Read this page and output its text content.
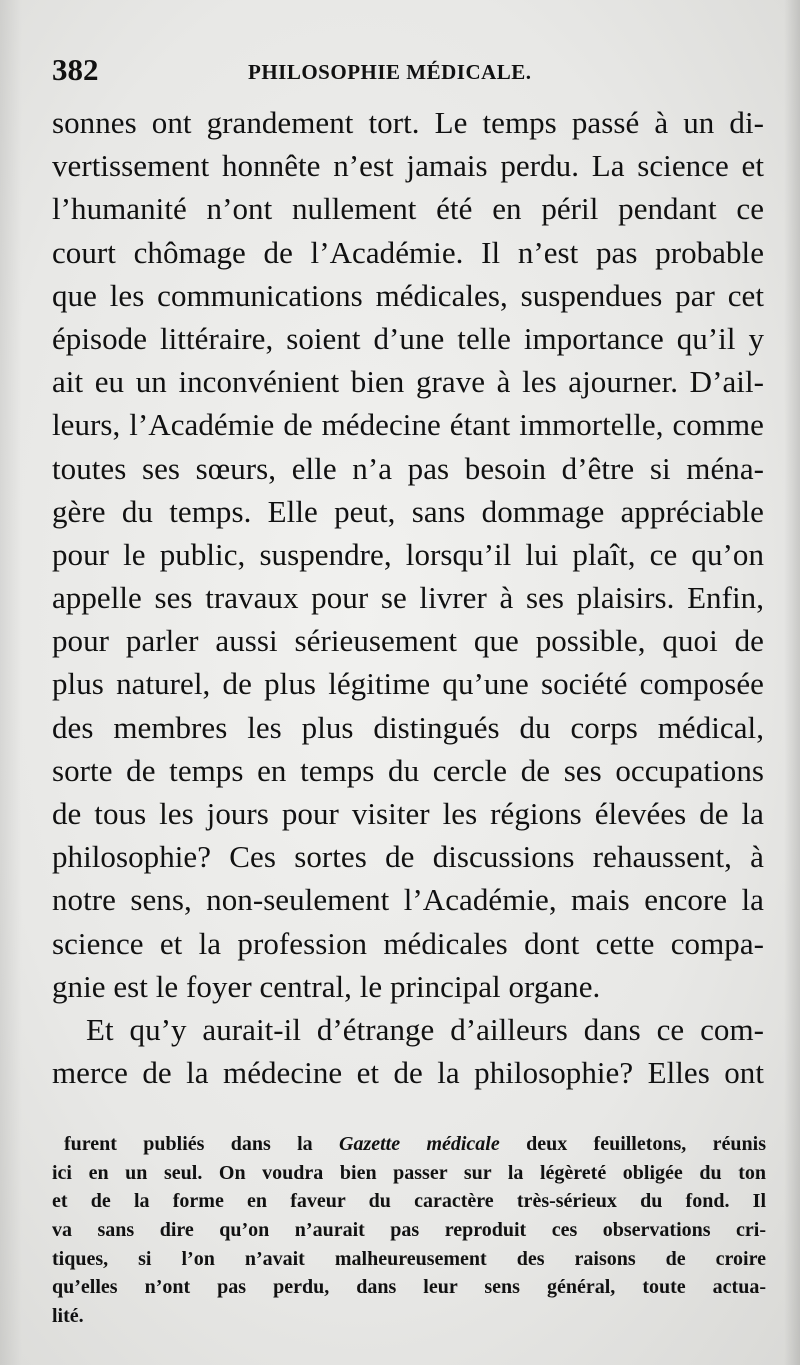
382	PHILOSOPHIE MÉDICALE.
sonnes ont grandement tort. Le temps passé à un di-
vertissement honnête n’est jamais perdu. La science et
l’humanité n’ont nullement été en péril pendant ce
court chômage de l’Académie. Il n’est pas probable
que les communications médicales, suspendues par cet
épisode littéraire, soient d’une telle importance qu’il y
ait eu un inconvénient bien grave à les ajourner. D’ail-
leurs, l’Académie de médecine étant immortelle, comme
toutes ses sœurs, elle n’a pas besoin d’être si ména-
gère du temps. Elle peut, sans dommage appréciable
pour le public, suspendre, lorsqu’il lui plaît, ce qu’on
appelle ses travaux pour se livrer à ses plaisirs. Enfin,
pour parler aussi sérieusement que possible, quoi de
plus naturel, de plus légitime qu’une société composée
des membres les plus distingués du corps médical,
sorte de temps en temps du cercle de ses occupations
de tous les jours pour visiter les régions élevées de la
philosophie? Ces sortes de discussions rehaussent, à
notre sens, non-seulement l’Académie, mais encore la
science et la profession médicales dont cette compa-
gnie est le foyer central, le principal organe.
Et qu’y aurait-il d’étrange d’ailleurs dans ce com-
merce de la médecine et de la philosophie? Elles ont
furent publiés dans la Gazette médicale deux feuilletons, réunis
ici en un seul. On voudra bien passer sur la légèreté obligée du ton
et de la forme en faveur du caractère très-sérieux du fond. Il
va sans dire qu’on n’aurait pas reproduit ces observations cri-
tiques, si l’on n’avait malheureusement des raisons de croire
qu’elles n’ont pas perdu, dans leur sens général, toute actua-
lité.
